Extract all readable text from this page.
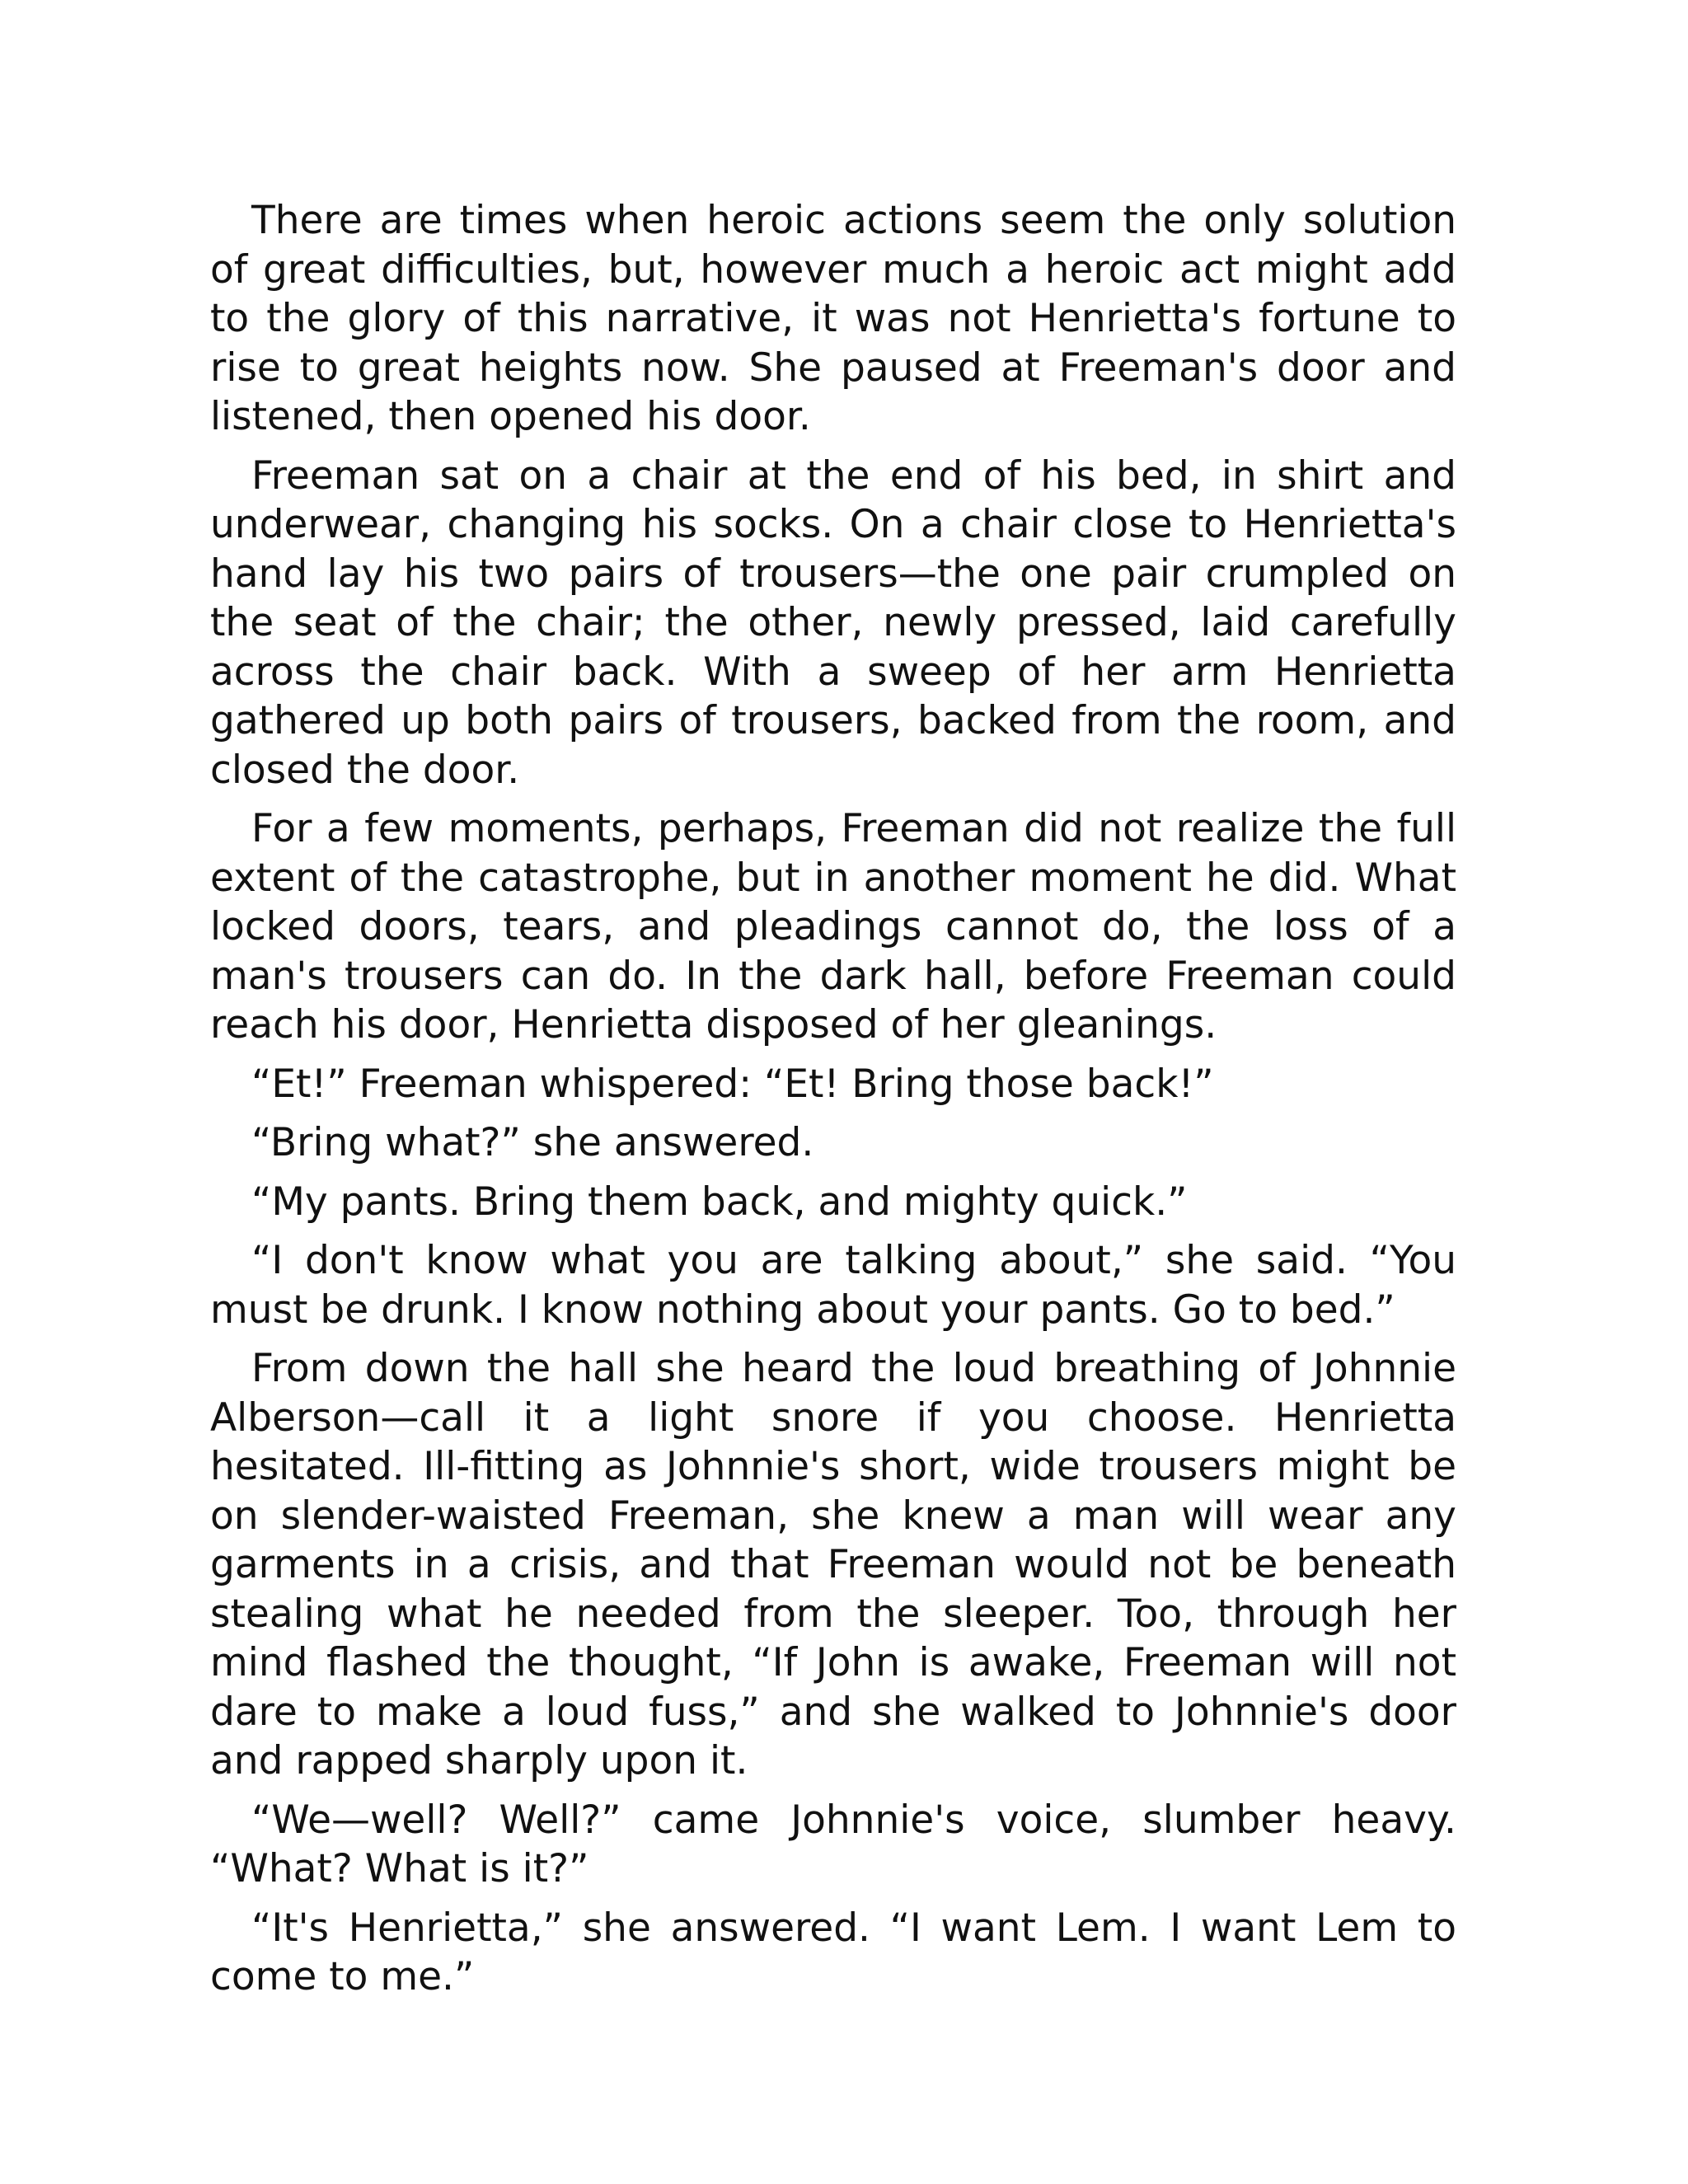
There are times when heroic actions seem the only solution of great difficulties, but, however much a heroic act might add to the glory of this narrative, it was not Henrietta's fortune to rise to great heights now. She paused at Freeman's door and listened, then opened his door.

Freeman sat on a chair at the end of his bed, in shirt and underwear, changing his socks. On a chair close to Henrietta's hand lay his two pairs of trousers—the one pair crumpled on the seat of the chair; the other, newly pressed, laid carefully across the chair back. With a sweep of her arm Henrietta gathered up both pairs of trousers, backed from the room, and closed the door.

For a few moments, perhaps, Freeman did not realize the full extent of the catastrophe, but in another moment he did. What locked doors, tears, and pleadings cannot do, the loss of a man's trousers can do. In the dark hall, before Freeman could reach his door, Henrietta disposed of her gleanings.

“Et!” Freeman whispered: “Et! Bring those back!”

“Bring what?” she answered.

“My pants. Bring them back, and mighty quick.”

“I don't know what you are talking about,” she said. “You must be drunk. I know nothing about your pants. Go to bed.”

From down the hall she heard the loud breathing of Johnnie Alberson—call it a light snore if you choose. Henrietta hesitated. Ill-fitting as Johnnie's short, wide trousers might be on slender-waisted Freeman, she knew a man will wear any garments in a crisis, and that Freeman would not be beneath stealing what he needed from the sleeper. Too, through her mind flashed the thought, “If John is awake, Freeman will not dare to make a loud fuss,” and she walked to Johnnie's door and rapped sharply upon it.

“We—well? Well?” came Johnnie's voice, slumber heavy. “What? What is it?”

“It's Henrietta,” she answered. “I want Lem. I want Lem to come to me.”
